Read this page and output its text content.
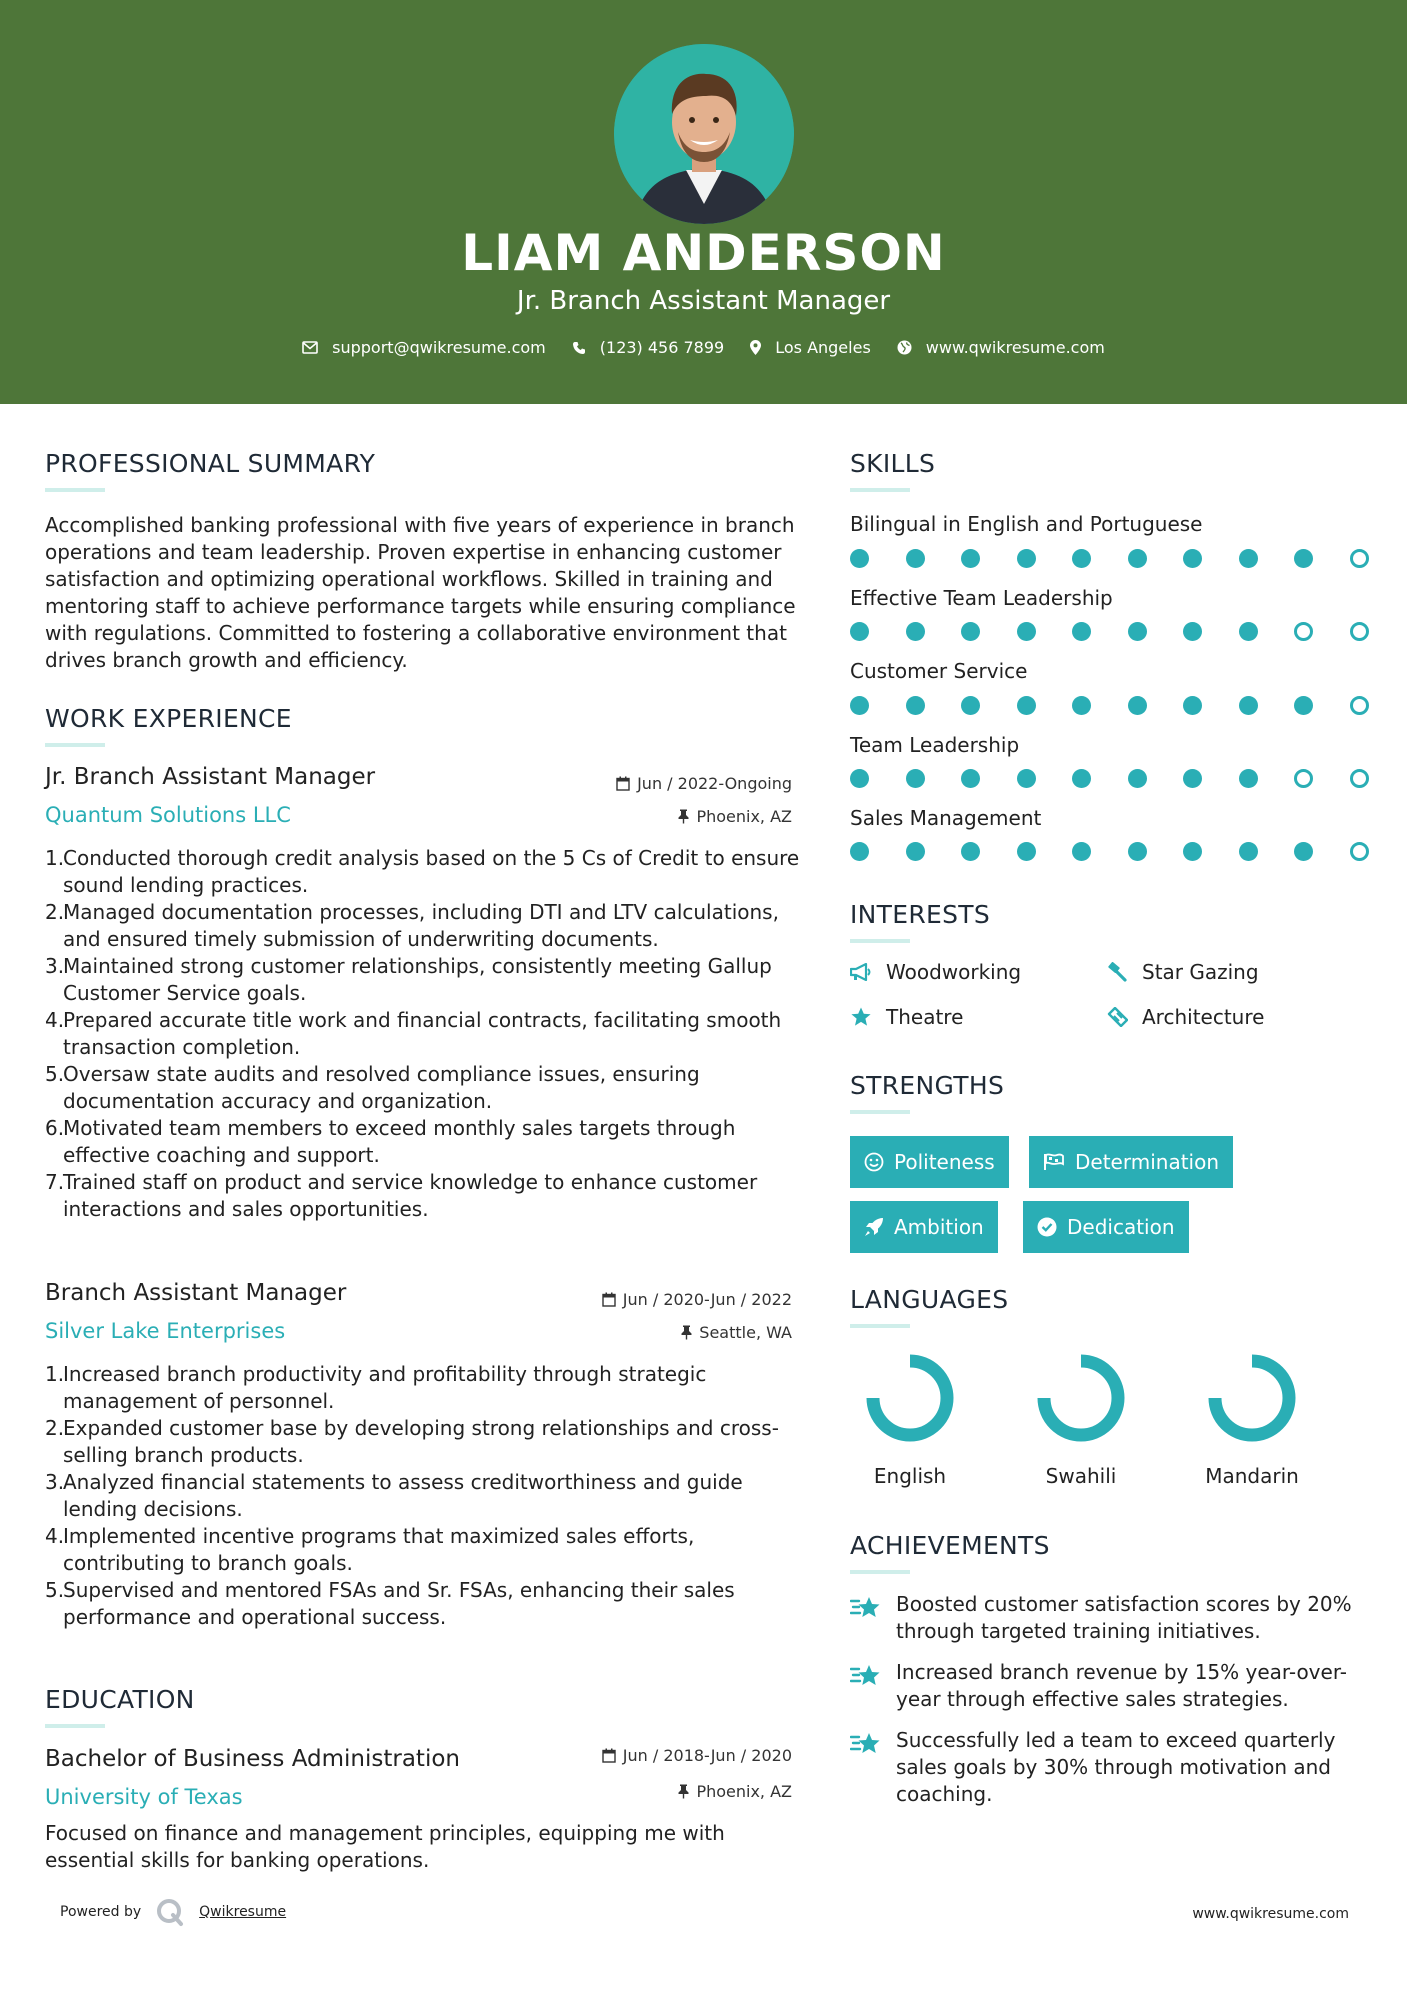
LIAM ANDERSON
Jr. Branch Assistant Manager
support@qwikresume.com	(123) 456 7899	Los Angeles	www.qwikresume.com
PROFESSIONAL SUMMARY
Accomplished banking professional with five years of experience in branch operations and team leadership. Proven expertise in enhancing customer satisfaction and optimizing operational workflows. Skilled in training and mentoring staff to achieve performance targets while ensuring compliance with regulations. Committed to fostering a collaborative environment that drives branch growth and efficiency.
WORK EXPERIENCE
Jr. Branch Assistant Manager
Quantum Solutions LLC
Jun / 2022-Ongoing
Phoenix, AZ
1.
Conducted thorough credit analysis based on the 5 Cs of Credit to ensure sound lending practices.
2.
Managed documentation processes, including DTI and LTV calculations, and ensured timely submission of underwriting documents.
3.
Maintained strong customer relationships, consistently meeting Gallup Customer Service goals.
4.
Prepared accurate title work and financial contracts, facilitating smooth transaction completion.
5.
Oversaw state audits and resolved compliance issues, ensuring documentation accuracy and organization.
6.
Motivated team members to exceed monthly sales targets through effective coaching and support.
7.
Trained staff on product and service knowledge to enhance customer interactions and sales opportunities.
Branch Assistant Manager
Silver Lake Enterprises
Jun / 2020-Jun / 2022
Seattle, WA
1.
Increased branch productivity and profitability through strategic management of personnel.
2.
Expanded customer base by developing strong relationships and cross-selling branch products.
3.
Analyzed financial statements to assess creditworthiness and guide lending decisions.
4.
Implemented incentive programs that maximized sales efforts, contributing to branch goals.
5.
Supervised and mentored FSAs and Sr. FSAs, enhancing their sales performance and operational success.
EDUCATION
Bachelor of Business Administration
University of Texas
Jun / 2018-Jun / 2020
Phoenix, AZ
Focused on finance and management principles, equipping me with essential skills for banking operations.
SKILLS
Bilingual in English and Portuguese
Effective Team Leadership
Customer Service
Team Leadership
Sales Management
INTERESTS
Woodworking	Star Gazing
Theatre	Architecture
STRENGTHS
Politeness	Determination
Ambition	Dedication
LANGUAGES
English	Swahili	Mandarin
ACHIEVEMENTS
Boosted customer satisfaction scores by 20% through targeted training initiatives.
Increased branch revenue by 15% year-over-year through effective sales strategies.
Successfully led a team to exceed quarterly sales goals by 30% through motivation and coaching.
Powered by	Qwikresume	www.qwikresume.com
